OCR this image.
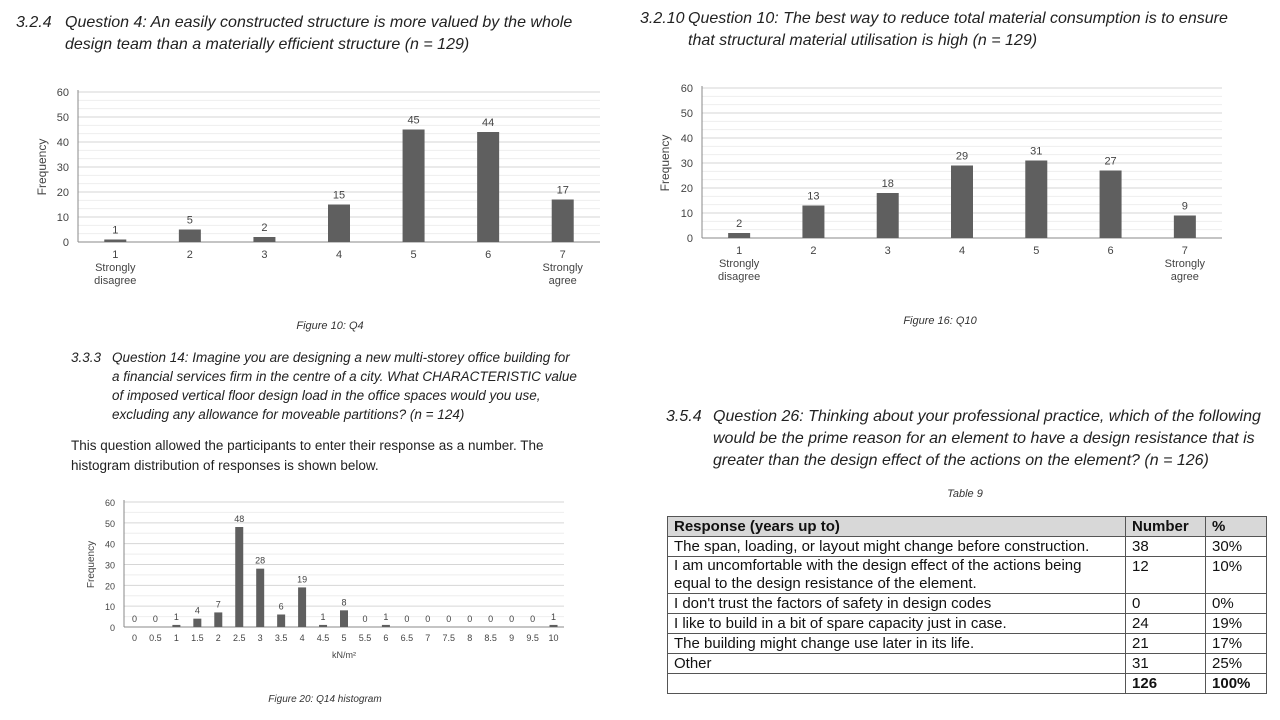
3.2.4 Question 4: An easily constructed structure is more valued by the whole
design team than a materially efficient structure (n = 129)
0
10
20
30
40
50
60
Frequency
1
5
2
15
45	44
17
1
Strongly
disagree
2	3	4	5	6	7
Strongly
agree
Figure 10: Q4
3.2.10 Question 10: The best way to reduce total material consumption is to ensure
that structural material utilisation is high (n = 129)
0
10
20
30
40
50
60
Frequency
2
13
18
29	31
27
9
1
Strongly
disagree
2	3	4	5	6	7
Strongly
agree
Figure 16: Q10
3.3.3 Question 14: Imagine you are designing a new multi-storey office building for
a financial services firm in the centre of a city. What CHARACTERISTIC value
of imposed vertical floor design load in the office spaces would you use,
excluding any allowance for moveable partitions? (n = 124)
This question allowed the participants to enter their response as a number. The
histogram distribution of responses is shown below.
0
10
20
30
40
50
60
Frequency
0 0 1
4
7
48
28
6
19
1
8
0 1 0 0 0 0 0 0 0 1
0 0.5 1 1.5 2 2.5 3 3.5 4 4.5 5 5.5 6 6.5 7 7.5 8 8.5 9 9.5 10
kN/m²
Figure 20: Q14 histogram
3.5.4 Question 26: Thinking about your professional practice, which of the following
would be the prime reason for an element to have a design resistance that is
greater than the design effect of the actions on the element? (n = 126)
Table 9
Response (years up to)	Number	%
The span, loading, or layout might change before construction.	38	30%
I am uncomfortable with the design effect of the actions being equal to the design resistance of the element.	12	10%
I don't trust the factors of safety in design codes	0	0%
I like to build in a bit of spare capacity just in case.	24	19%
The building might change use later in its life.	21	17%
Other	31	25%
	126	100%
